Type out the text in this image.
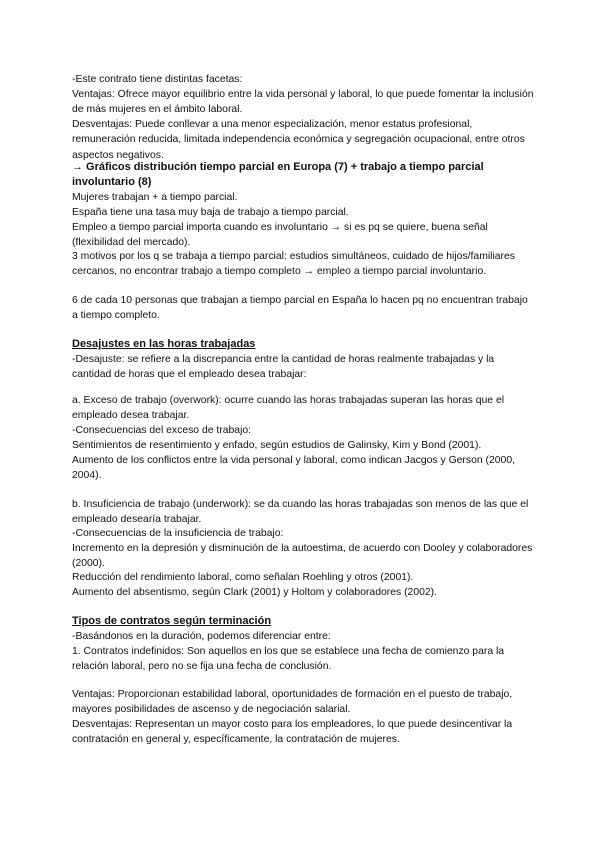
-Este contrato tiene distintas facetas:

Ventajas: Ofrece mayor equilibrio entre la vida personal y laboral, lo que puede fomentar la inclusión de más mujeres en el ámbito laboral.

Desventajas: Puede conllevar a una menor especialización, menor estatus profesional, remuneración reducida, limitada independencia económica y segregación ocupacional, entre otros aspectos negativos.

→ Gráficos distribución tiempo parcial en Europa (7) + trabajo a tiempo parcial involuntario (8)

Mujeres trabajan + a tiempo parcial.

España tiene una tasa muy baja de trabajo a tiempo parcial.

Empleo a tiempo parcial importa cuando es involuntario → si es pq se quiere, buena señal (flexibilidad del mercado).

3 motivos por los q se trabaja a tiempo parcial: estudios simultáneos, cuidado de hijos/familiares cercanos, no encontrar trabajo a tiempo completo → empleo a tiempo parcial involuntario.

6 de cada 10 personas que trabajan a tiempo parcial en España lo hacen pq no encuentran trabajo a tiempo completo.

Desajustes en las horas trabajadas

-Desajuste: se refiere a la discrepancia entre la cantidad de horas realmente trabajadas y la cantidad de horas que el empleado desea trabajar:

a. Exceso de trabajo (overwork): ocurre cuando las horas trabajadas superan las horas que el empleado desea trabajar.

-Consecuencias del exceso de trabajo:

Sentimientos de resentimiento y enfado, según estudios de Galinsky, Kim y Bond (2001).

Aumento de los conflictos entre la vida personal y laboral, como indican Jacgos y Gerson (2000, 2004).

b. Insuficiencia de trabajo (underwork): se da cuando las horas trabajadas son menos de las que el empleado desearía trabajar.

-Consecuencias de la insuficiencia de trabajo:

Incremento en la depresión y disminución de la autoestima, de acuerdo con Dooley y colaboradores (2000).

Reducción del rendimiento laboral, como señalan Roehling y otros (2001).

Aumento del absentismo, según Clark (2001) y Holtom y colaboradores (2002).

Tipos de contratos según terminación

-Basándonos en la duración, podemos diferenciar entre:

1. Contratos indefinidos: Son aquellos en los que se establece una fecha de comienzo para la relación laboral, pero no se fija una fecha de conclusión.

Ventajas: Proporcionan estabilidad laboral, oportunidades de formación en el puesto de trabajo, mayores posibilidades de ascenso y de negociación salarial.

Desventajas: Representan un mayor costo para los empleadores, lo que puede desincentivar la contratación en general y, específicamente, la contratación de mujeres.
